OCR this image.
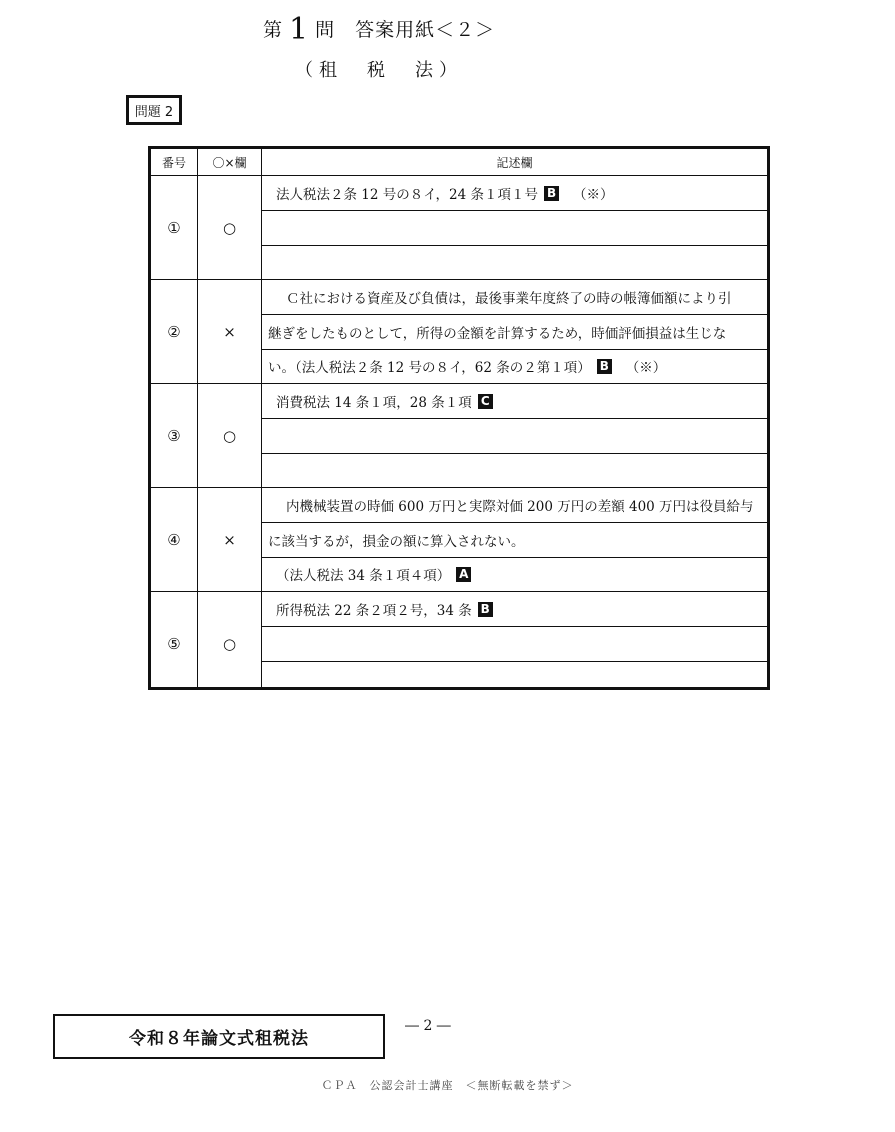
第 1 問　答案用紙＜２＞
（租　税　法）
問題 2
番号	〇×欄	記述欄
①	○
法人税法２条 12 号の８イ，24 条１項１号 B （※）
②	×
Ｃ社における資産及び負債は，最後事業年度終了の時の帳簿価額により引
継ぎをしたものとして，所得の金額を計算するため，時価評価損益は生じな
い。（法人税法２条 12 号の８イ，62 条の２第１項） B （※）
③	○
消費税法 14 条１項，28 条１項 C
④	×
内機械装置の時価 600 万円と実際対価 200 万円の差額 400 万円は役員給与
に該当するが，損金の額に算入されない。
（法人税法 34 条１項４項） A
⑤	○
所得税法 22 条２項２号，34 条 B
令和８年論文式租税法
― 2 ―
ＣＰＡ　公認会計士講座　＜無断転載を禁ず＞
